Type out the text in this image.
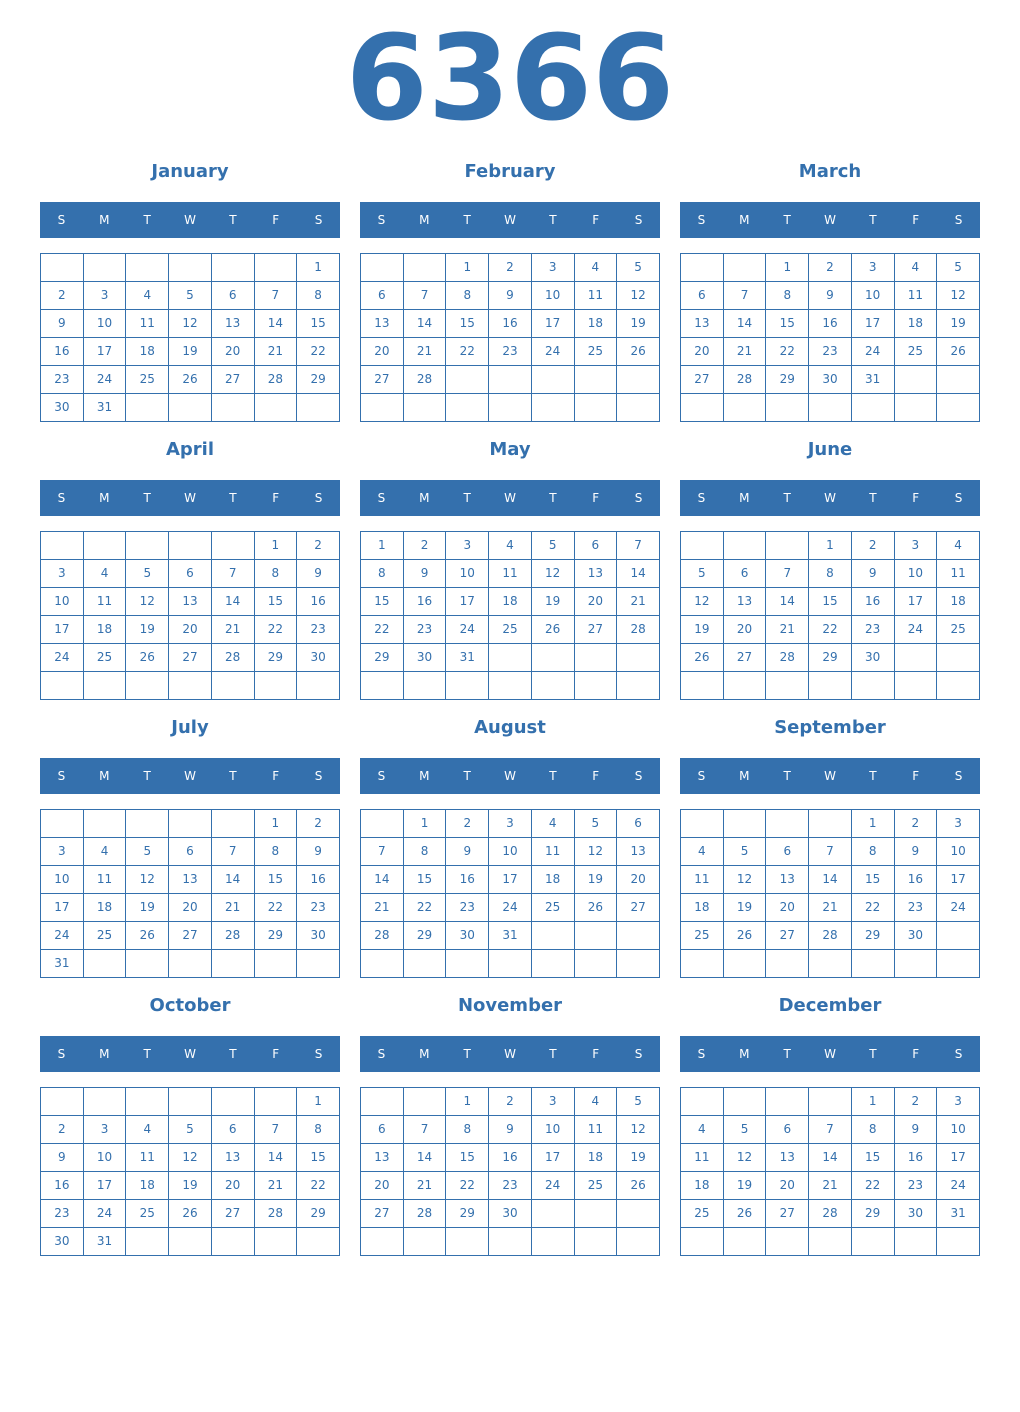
6366
January
S	M	T	W	T	F	S
						1
2	3	4	5	6	7	8
9	10	11	12	13	14	15
16	17	18	19	20	21	22
23	24	25	26	27	28	29
30	31					
February
S	M	T	W	T	F	S
		1	2	3	4	5
6	7	8	9	10	11	12
13	14	15	16	17	18	19
20	21	22	23	24	25	26
27	28					

March
S	M	T	W	T	F	S
		1	2	3	4	5
6	7	8	9	10	11	12
13	14	15	16	17	18	19
20	21	22	23	24	25	26
27	28	29	30	31		

April
S	M	T	W	T	F	S
					1	2
3	4	5	6	7	8	9
10	11	12	13	14	15	16
17	18	19	20	21	22	23
24	25	26	27	28	29	30

May
S	M	T	W	T	F	S
1	2	3	4	5	6	7
8	9	10	11	12	13	14
15	16	17	18	19	20	21
22	23	24	25	26	27	28
29	30	31				

June
S	M	T	W	T	F	S
			1	2	3	4
5	6	7	8	9	10	11
12	13	14	15	16	17	18
19	20	21	22	23	24	25
26	27	28	29	30		

July
S	M	T	W	T	F	S
					1	2
3	4	5	6	7	8	9
10	11	12	13	14	15	16
17	18	19	20	21	22	23
24	25	26	27	28	29	30
31						
August
S	M	T	W	T	F	S
	1	2	3	4	5	6
7	8	9	10	11	12	13
14	15	16	17	18	19	20
21	22	23	24	25	26	27
28	29	30	31			

September
S	M	T	W	T	F	S
				1	2	3
4	5	6	7	8	9	10
11	12	13	14	15	16	17
18	19	20	21	22	23	24
25	26	27	28	29	30	

October
S	M	T	W	T	F	S
						1
2	3	4	5	6	7	8
9	10	11	12	13	14	15
16	17	18	19	20	21	22
23	24	25	26	27	28	29
30	31					
November
S	M	T	W	T	F	S
		1	2	3	4	5
6	7	8	9	10	11	12
13	14	15	16	17	18	19
20	21	22	23	24	25	26
27	28	29	30			

December
S	M	T	W	T	F	S
				1	2	3
4	5	6	7	8	9	10
11	12	13	14	15	16	17
18	19	20	21	22	23	24
25	26	27	28	29	30	31
